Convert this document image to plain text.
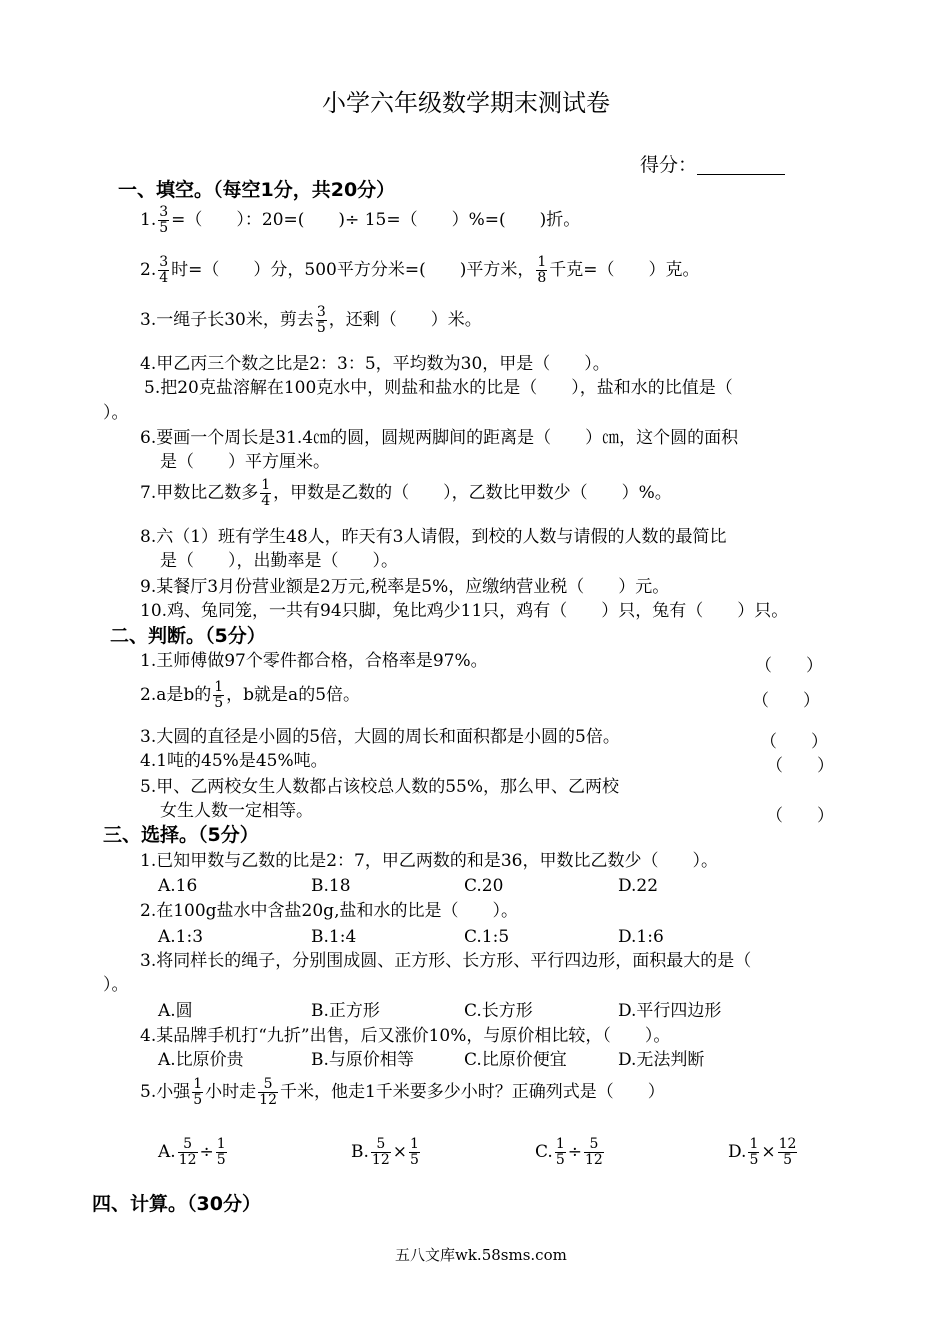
小学六年级数学期末测试卷
得分：
一、填空。（每空1分，共20分）
1. $\frac{3}{5}$ =（　　）：20=(　　)÷ 15=（　　）%=(　　)折。
2. $\frac{3}{4}$ 时=（　　）分，500平方分米=(　　)平方米， $\frac{1}{8}$ 千克=（　　）克。
3.一绳子长30米，剪去 $\frac{3}{5}$ ，还剩（　　）米。
4.甲乙丙三个数之比是2：3：5，平均数为30，甲是（　　）。
5.把20克盐溶解在100克水中，则盐和盐水的比是（　　），盐和水的比值是（
）。
6.要画一个周长是31.4㎝的圆，圆规两脚间的距离是（　　）㎝，这个圆的面积
是（　　）平方厘米。
7.甲数比乙数多 $\frac{1}{4}$ ，甲数是乙数的（　　），乙数比甲数少（　　）%。
8.六（1）班有学生48人，昨天有3人请假，到校的人数与请假的人数的最简比
是（　　），出勤率是（　　）。
9.某餐厅3月份营业额是2万元,税率是5%，应缴纳营业税（　　）元。
10.鸡、兔同笼，一共有94只脚，兔比鸡少11只，鸡有（　　）只，兔有（　　）只。
二、判断。（5分）
1.王师傅做97个零件都合格，合格率是97%。	（　　）
2.a是b的 $\frac{1}{5}$ ，b就是a的5倍。	（　　）
3.大圆的直径是小圆的5倍，大圆的周长和面积都是小圆的5倍。	（　　）
4.1吨的45%是45%吨。	（　　）
5.甲、乙两校女生人数都占该校总人数的55%，那么甲、乙两校
女生人数一定相等。	（　　）
三、选择。（5分）
1.已知甲数与乙数的比是2：7，甲乙两数的和是36，甲数比乙数少（　　）。
A.16	B.18	C.20	D.22
2.在100g盐水中含盐20g,盐和水的比是（　　）。
A.1:3	B.1:4	C.1:5	D.1:6
3.将同样长的绳子，分别围成圆、正方形、长方形、平行四边形，面积最大的是（
）。
A.圆	B.正方形	C.长方形	D.平行四边形
4.某品牌手机打“九折”出售，后又涨价10%，与原价相比较，（　　）。
A.比原价贵	B.与原价相等	C.比原价便宜	D.无法判断
5.小强 $\frac{1}{5}$ 小时走 $\frac{5}{12}$ 千米，他走1千米要多少小时？正确列式是（　　）
A. $\frac{5}{12} \div \frac{1}{5}$	B. $\frac{5}{12} \times \frac{1}{5}$	C. $\frac{1}{5} \div \frac{5}{12}$	D. $\frac{1}{5} \times \frac{12}{5}$
四、计算。（30分）
五八文库wk.58sms.com
